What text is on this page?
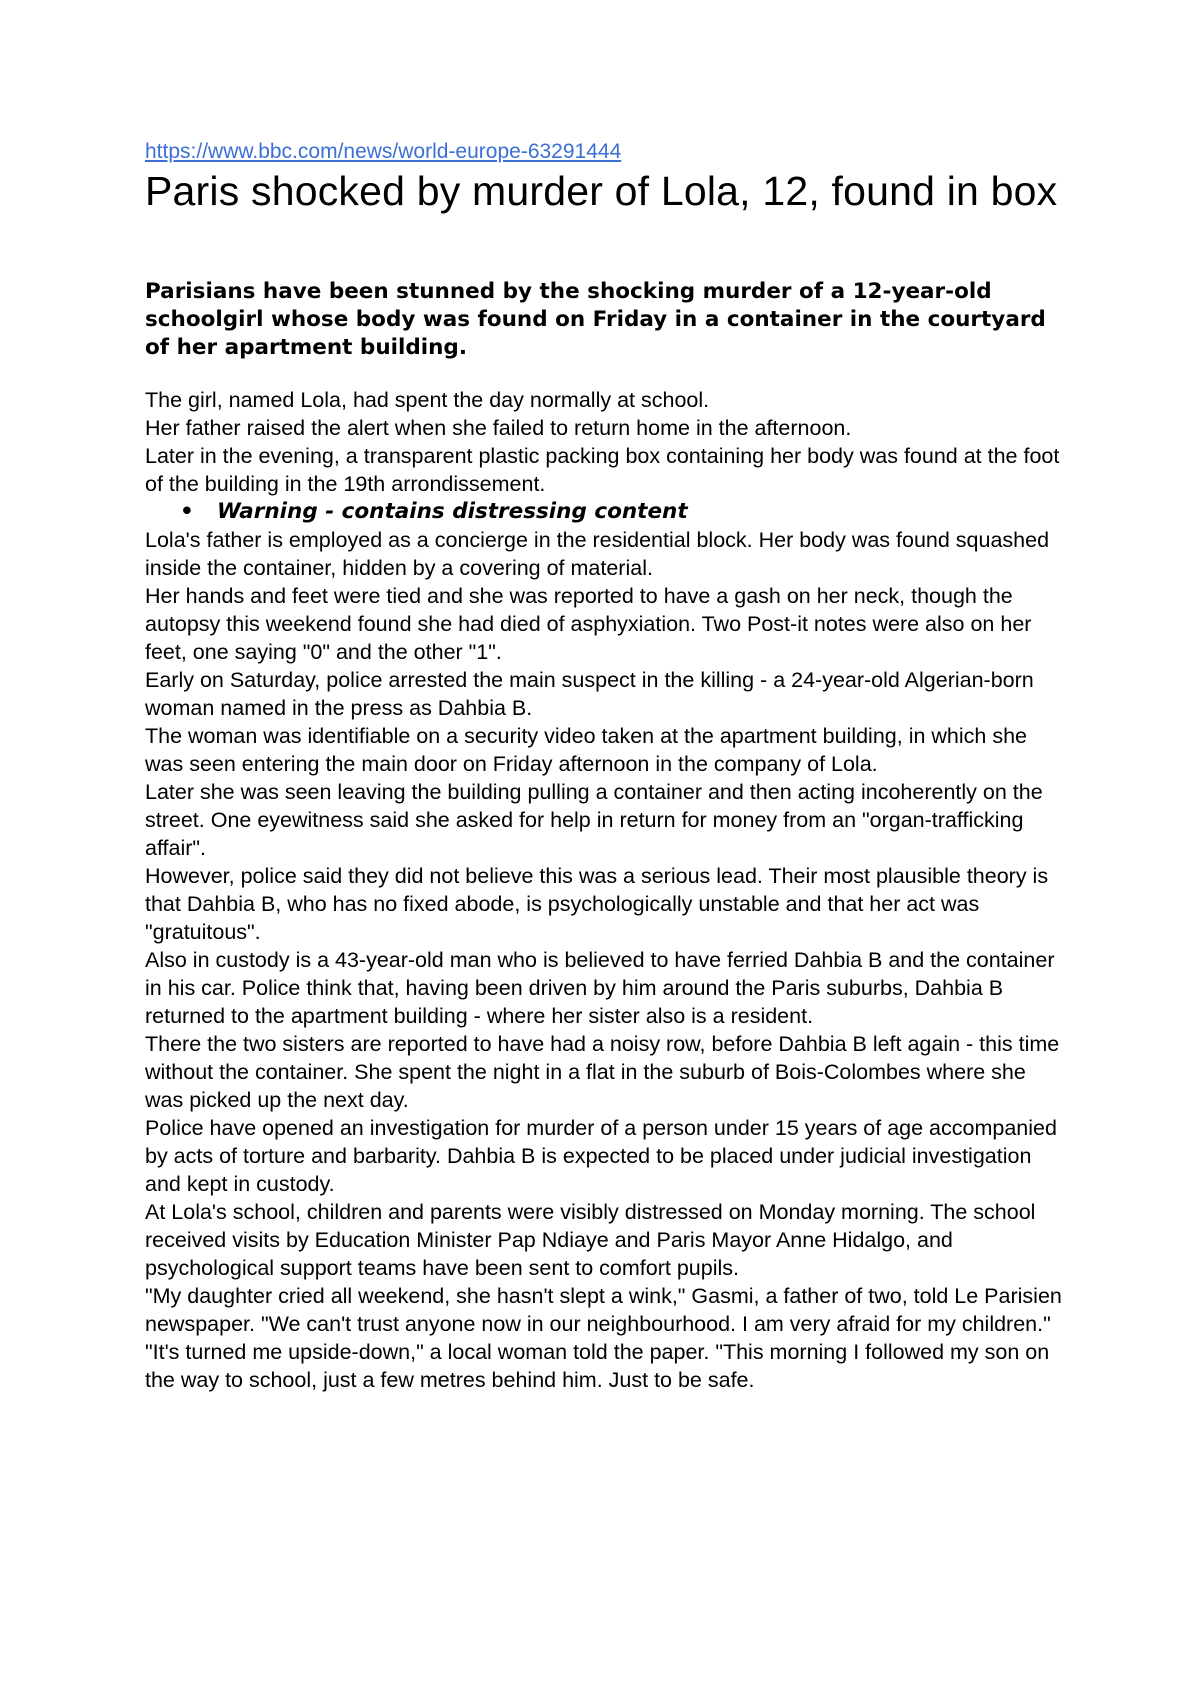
https://www.bbc.com/news/world-europe-63291444
Paris shocked by murder of Lola, 12, found in box

Parisians have been stunned by the shocking murder of a 12-year-old schoolgirl whose body was found on Friday in a container in the courtyard of her apartment building.

The girl, named Lola, had spent the day normally at school.

Her father raised the alert when she failed to return home in the afternoon.

Later in the evening, a transparent plastic packing box containing her body was found at the foot of the building in the 19th arrondissement.

• Warning - contains distressing content

Lola's father is employed as a concierge in the residential block. Her body was found squashed inside the container, hidden by a covering of material.

Her hands and feet were tied and she was reported to have a gash on her neck, though the autopsy this weekend found she had died of asphyxiation. Two Post-it notes were also on her feet, one saying "0" and the other "1".

Early on Saturday, police arrested the main suspect in the killing - a 24-year-old Algerian-born woman named in the press as Dahbia B.

The woman was identifiable on a security video taken at the apartment building, in which she was seen entering the main door on Friday afternoon in the company of Lola.

Later she was seen leaving the building pulling a container and then acting incoherently on the street. One eyewitness said she asked for help in return for money from an "organ-trafficking affair".

However, police said they did not believe this was a serious lead. Their most plausible theory is that Dahbia B, who has no fixed abode, is psychologically unstable and that her act was "gratuitous".

Also in custody is a 43-year-old man who is believed to have ferried Dahbia B and the container in his car. Police think that, having been driven by him around the Paris suburbs, Dahbia B returned to the apartment building - where her sister also is a resident.

There the two sisters are reported to have had a noisy row, before Dahbia B left again - this time without the container. She spent the night in a flat in the suburb of Bois-Colombes where she was picked up the next day.

Police have opened an investigation for murder of a person under 15 years of age accompanied by acts of torture and barbarity. Dahbia B is expected to be placed under judicial investigation and kept in custody.

At Lola's school, children and parents were visibly distressed on Monday morning. The school received visits by Education Minister Pap Ndiaye and Paris Mayor Anne Hidalgo, and psychological support teams have been sent to comfort pupils.

"My daughter cried all weekend, she hasn't slept a wink," Gasmi, a father of two, told Le Parisien newspaper. "We can't trust anyone now in our neighbourhood. I am very afraid for my children."

"It's turned me upside-down," a local woman told the paper. "This morning I followed my son on the way to school, just a few metres behind him. Just to be safe.
